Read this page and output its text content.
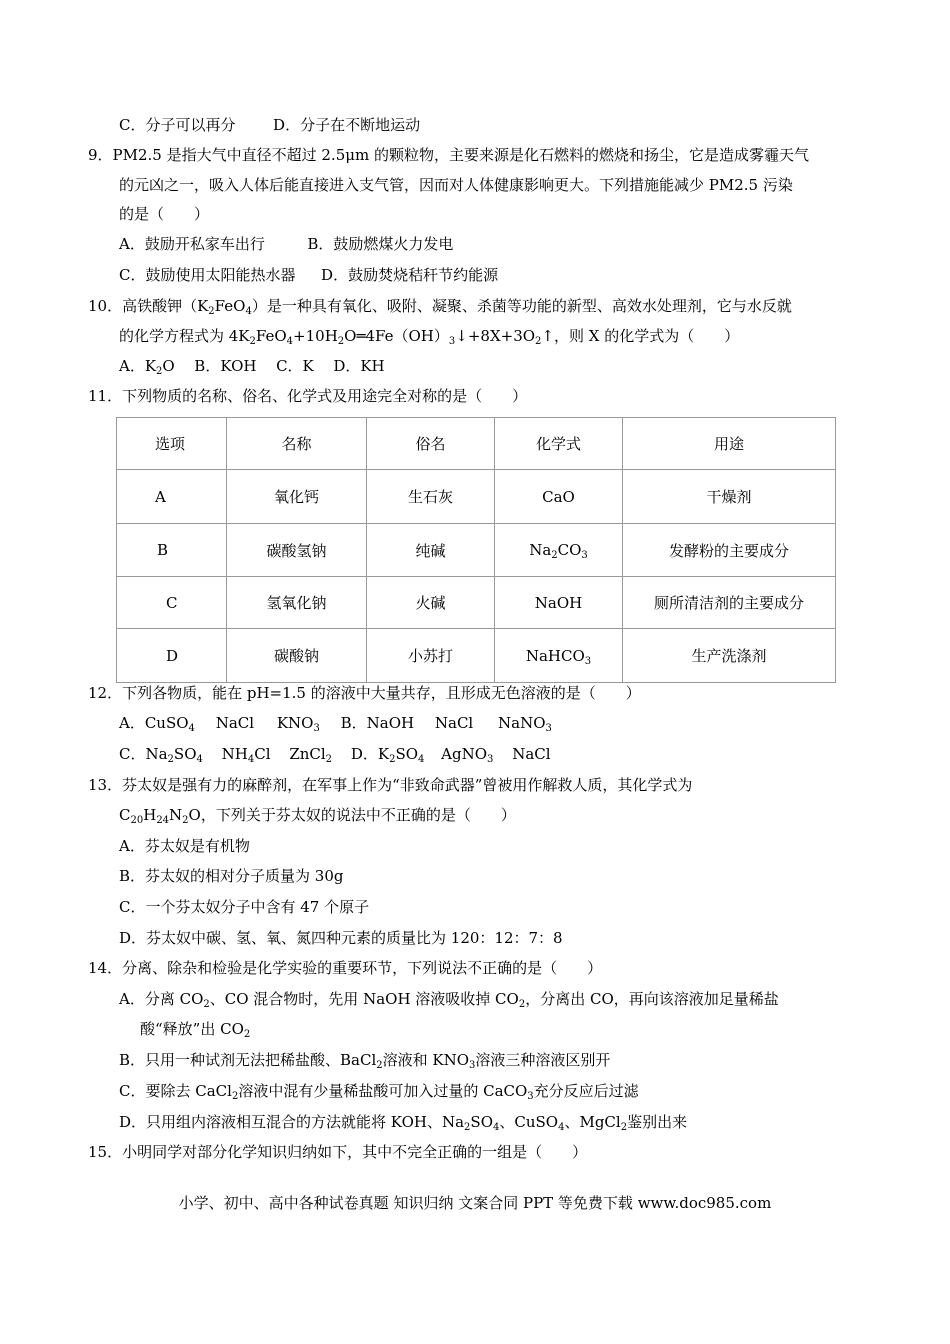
C．分子可以再分	D．分子在不断地运动
9．PM2.5 是指大气中直径不超过 2.5μm 的颗粒物，主要来源是化石燃料的燃烧和扬尘，它是造成雾霾天气
的元凶之一，吸入人体后能直接进入支气管，因而对人体健康影响更大。下列措施能减少 PM2.5 污染
的是（　　）
A．鼓励开私家车出行	B．鼓励燃煤火力发电
C．鼓励使用太阳能热水器 D．鼓励焚烧秸秆节约能源
10．高铁酸钾$(K_2FeO_4)$是一种具有氧化、吸附、凝聚、杀菌等功能的新型、高效水处理剂，它与水反就
的化学方程式为 $4K_2FeO_4+10H_2O═4Fe(OH)_3↓+8X+3O_2↑$，则 X 的化学式为（　　）
A．$K_2O$ B．KOH C．K D．KH
11．下列物质的名称、俗名、化学式及用途完全对称的是（　　）
选项	名称	俗名	化学式	用途
A	氧化钙	生石灰	CaO	干燥剂
B	碳酸氢钠	纯碱	$Na_2CO_3$	发酵粉的主要成分
C	氢氧化钠	火碱	NaOH	厕所清洁剂的主要成分
D	碳酸钠	小苏打	NaHCO$_3$	生产洗涤剂
12．下列各物质，能在 pH=1.5 的溶液中大量共存，且形成无色溶液的是（　　）
A．CuSO$_4$ NaCl $KNO_3$ B．NaOH NaCl NaNO$_3$
C．$Na_2SO_4$ $NH_4Cl$ ZnCl$_2$ D．$K_2SO_4$ AgNO$_3$ NaCl
13．芬太奴是强有力的麻醉剂，在军事上作为“非致命武器”曾被用作解救人质，其化学式为
$C_{20}H_{24}N_2O$，下列关于芬太奴的说法中不正确的是（　　）
A．芬太奴是有机物
B．芬太奴的相对分子质量为 30g
C．一个芬太奴分子中含有 47 个原子
D．芬太奴中碳、氢、氧、氮四种元素的质量比为 120：12：7：8
14．分离、除杂和检验是化学实验的重要环节，下列说法不正确的是（　　）
A．分离 $CO_2$、CO 混合物时，先用 NaOH 溶液吸收掉 $CO_2$，分离出 CO，再向该溶液加足量稀盐
酸“释放”出 $CO_2$
B．只用一种试剂无法把稀盐酸、BaCl$_2$溶液和 $KNO_3$溶液三种溶液区别开
C．要除去 CaCl$_2$溶液中混有少量稀盐酸可加入过量的 CaCO$_3$充分反应后过滤
D．只用组内溶液相互混合的方法就能将 KOH、$Na_2SO_4$、CuSO$_4$、MgCl$_2$鉴别出来
15．小明同学对部分化学知识归纳如下，其中不完全正确的一组是（　　）
小学、初中、高中各种试卷真题 知识归纳 文案合同 PPT 等免费下载 www.doc985.com
